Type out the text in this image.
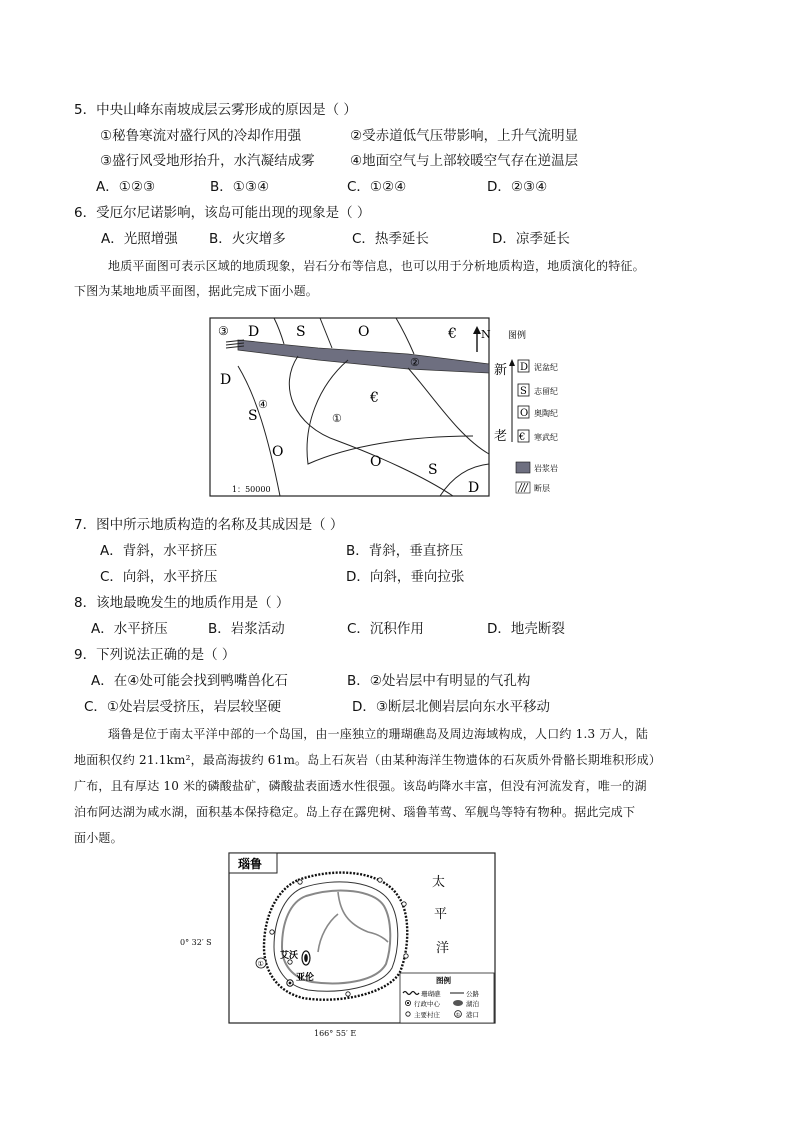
5．中央山峰东南坡成层云雾形成的原因是（ ）
①秘鲁寒流对盛行风的冷却作用强	②受赤道低气压带影响，上升气流明显
③盛行风受地形抬升，水汽凝结成雾	④地面空气与上部较暖空气存在逆温层
A．①②③	B．①③④	C．①②④	D．②③④
6．受厄尔尼诺影响，该岛可能出现的现象是（ ）
A．光照增强 B．火灾增多	C．热季延长	D．凉季延长
地质平面图可表示区域的地质现象，岩石分布等信息，也可以用于分析地质构造，地质演化的特征。
下图为某地地质平面图，据此完成下面小题。
③ D	S	O	€
②
D
④
S
€
①
O
O	S
D
1：50000
N 图例
新
老
D 泥盆纪
S 志留纪
O 奥陶纪
€ 寒武纪
岩浆岩
断层
7．图中所示地质构造的名称及其成因是（ ）
A．背斜，水平挤压	B．背斜，垂直挤压
C．向斜，水平挤压	D．向斜，垂向拉张
8．该地最晚发生的地质作用是（ ）
A．水平挤压	B．岩浆活动	C．沉积作用	D．地壳断裂
9．下列说法正确的是（ ）
A．在④处可能会找到鸭嘴兽化石	B．②处岩层中有明显的气孔构
C．①处岩层受挤压，岩层较坚硬	D．③断层北侧岩层向东水平移动
瑙鲁是位于南太平洋中部的一个岛国，由一座独立的珊瑚礁岛及周边海域构成，人口约 1.3 万人，陆
地面积仅约 21.1km²，最高海拔约 61m。岛上石灰岩（由某种海洋生物遗体的石灰质外骨骼长期堆积形成）
广布，且有厚达 10 米的磷酸盐矿，磷酸盐表面透水性很强。该岛屿降水丰富，但没有河流发育，唯一的湖
泊布阿达湖为咸水湖，面积基本保持稳定。岛上存在露兜树、瑙鲁苇莺、军舰鸟等特有物种。据此完成下
面小题。
0° 32′ S
166° 55′ E
瑙鲁
①
艾沃
亚伦
太
平
洋
图例
珊瑚礁	公路
行政中心	湖泊
主要村庄	① 港口
